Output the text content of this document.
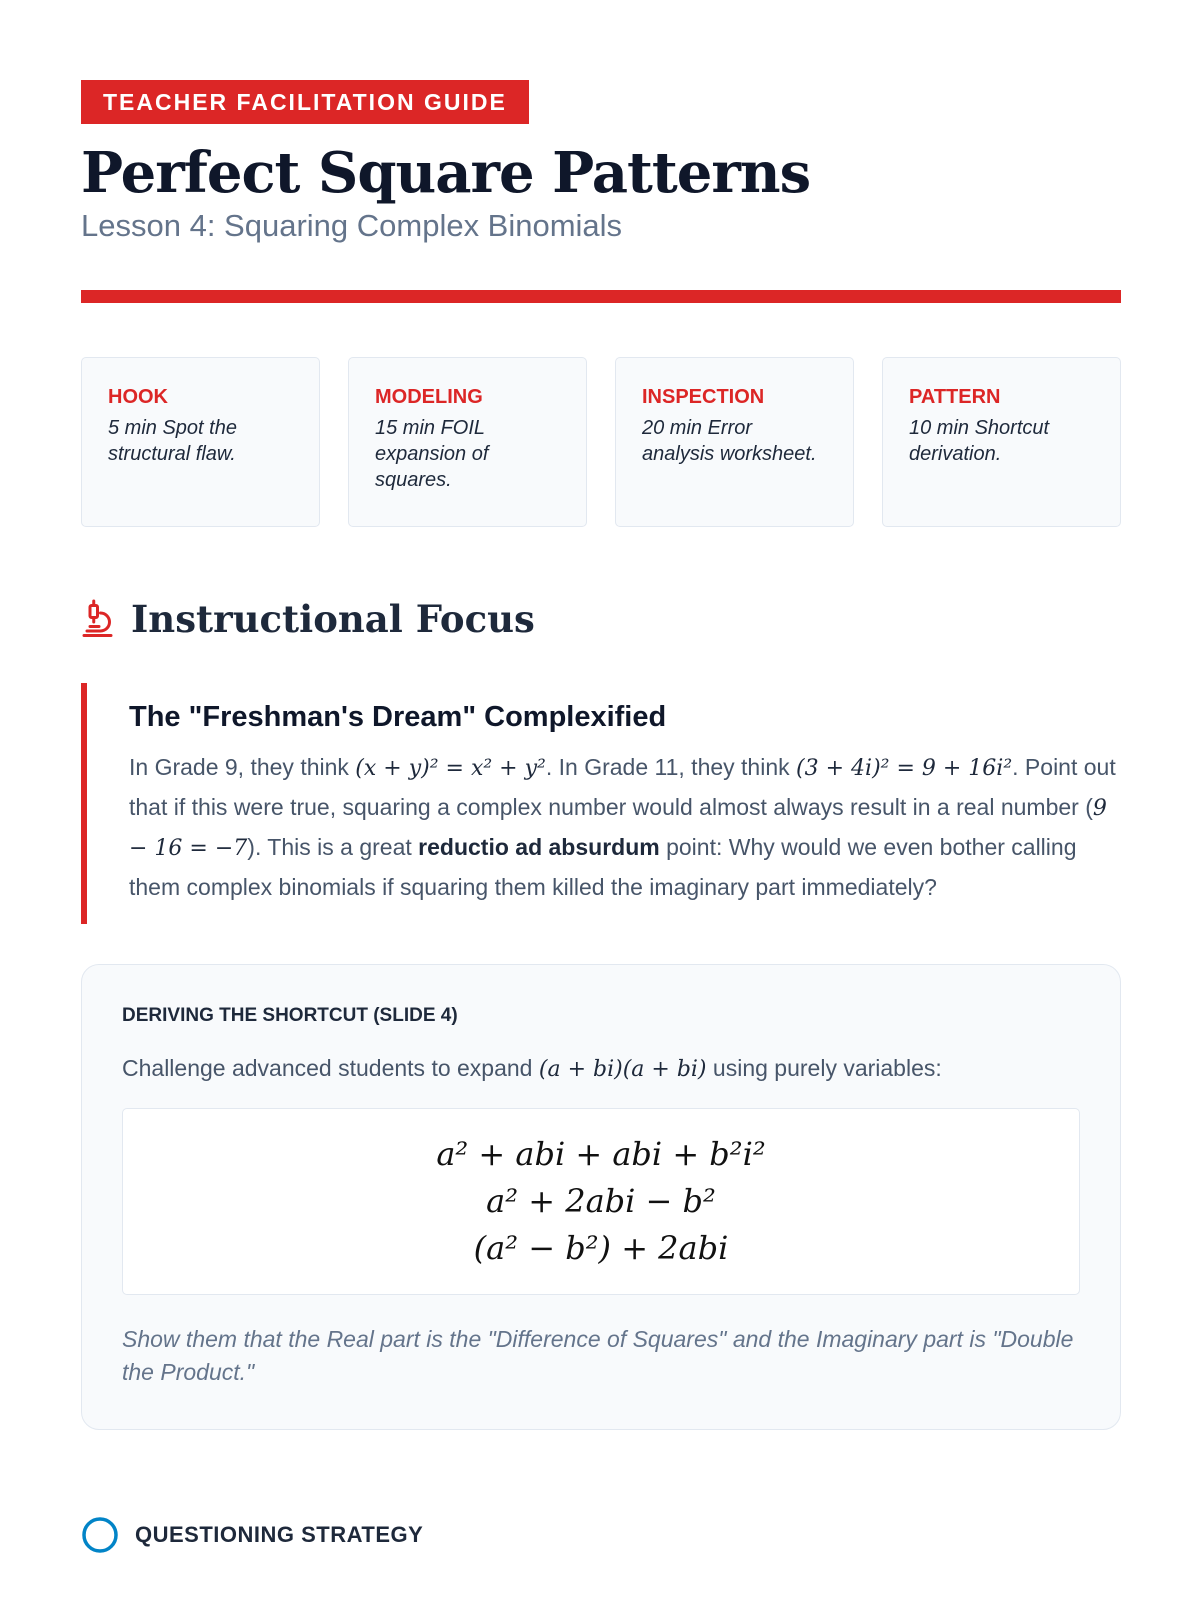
TEACHER FACILITATION GUIDE
Perfect Square Patterns
Lesson 4: Squaring Complex Binomials
HOOK
5 min Spot the structural flaw.
MODELING
15 min FOIL expansion of squares.
INSPECTION
20 min Error analysis worksheet.
PATTERN
10 min Shortcut derivation.
Instructional Focus
The "Freshman's Dream" Complexified

In Grade 9, they think (x + y)² = x² + y². In Grade 11, they think (3 + 4i)² = 9 + 16i². Point out that if this were true, squaring a complex number would almost always result in a real number (9 − 16 = −7). This is a great reductio ad absurdum point: Why would we even bother calling them complex binomials if squaring them killed the imaginary part immediately?

DERIVING THE SHORTCUT (SLIDE 4)
Challenge advanced students to expand (a + bi)(a + bi) using purely variables:
a² + abi + abi + b²i²
a² + 2abi − b²
(a² − b²) + 2abi
Show them that the Real part is the "Difference of Squares" and the Imaginary part is "Double the Product."
QUESTIONING STRATEGY
